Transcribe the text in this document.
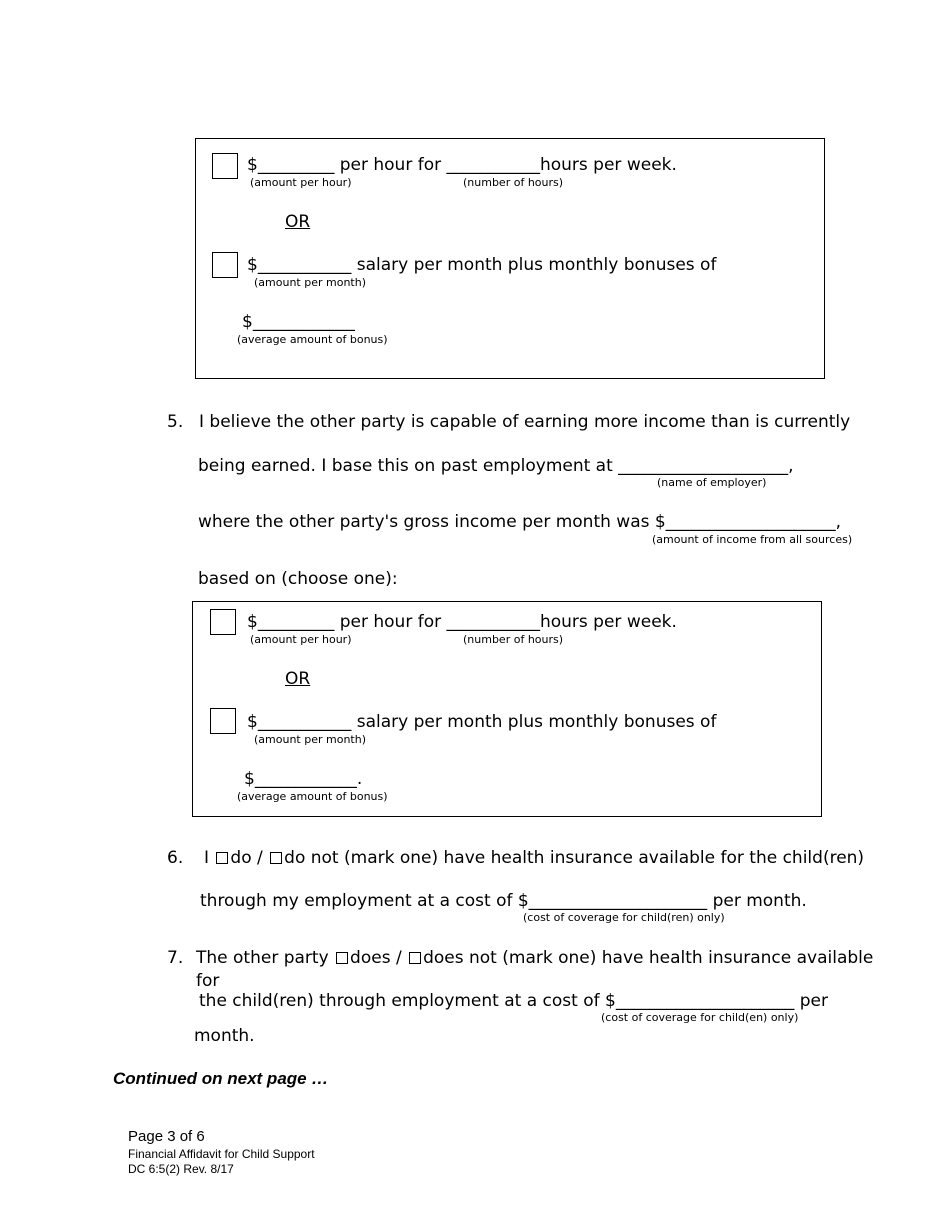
$_________ per hour for ___________hours per week.
(amount per hour)	(number of hours)
OR
$___________ salary per month plus monthly bonuses of
(amount per month)
$____________
(average amount of bonus)
5. I believe the other party is capable of earning more income than is currently
being earned. I base this on past employment at ____________________,
(name of employer)
where the other party's gross income per month was $____________________,
(amount of income from all sources)
based on (choose one):
$_________ per hour for ___________hours per week.
(amount per hour)	(number of hours)
OR
$___________ salary per month plus monthly bonuses of
(amount per month)
$____________.
(average amount of bonus)
6. I do / do not (mark one) have health insurance available for the child(ren)
through my employment at a cost of $_____________________ per month.
(cost of coverage for child(ren) only)
7. The other party does / does not (mark one) have health insurance available
for
the child(ren) through employment at a cost of $_____________________ per
(cost of coverage for child(en) only)
month.
Continued on next page …
Page 3 of 6
Financial Affidavit for Child Support
DC 6:5(2) Rev. 8/17
